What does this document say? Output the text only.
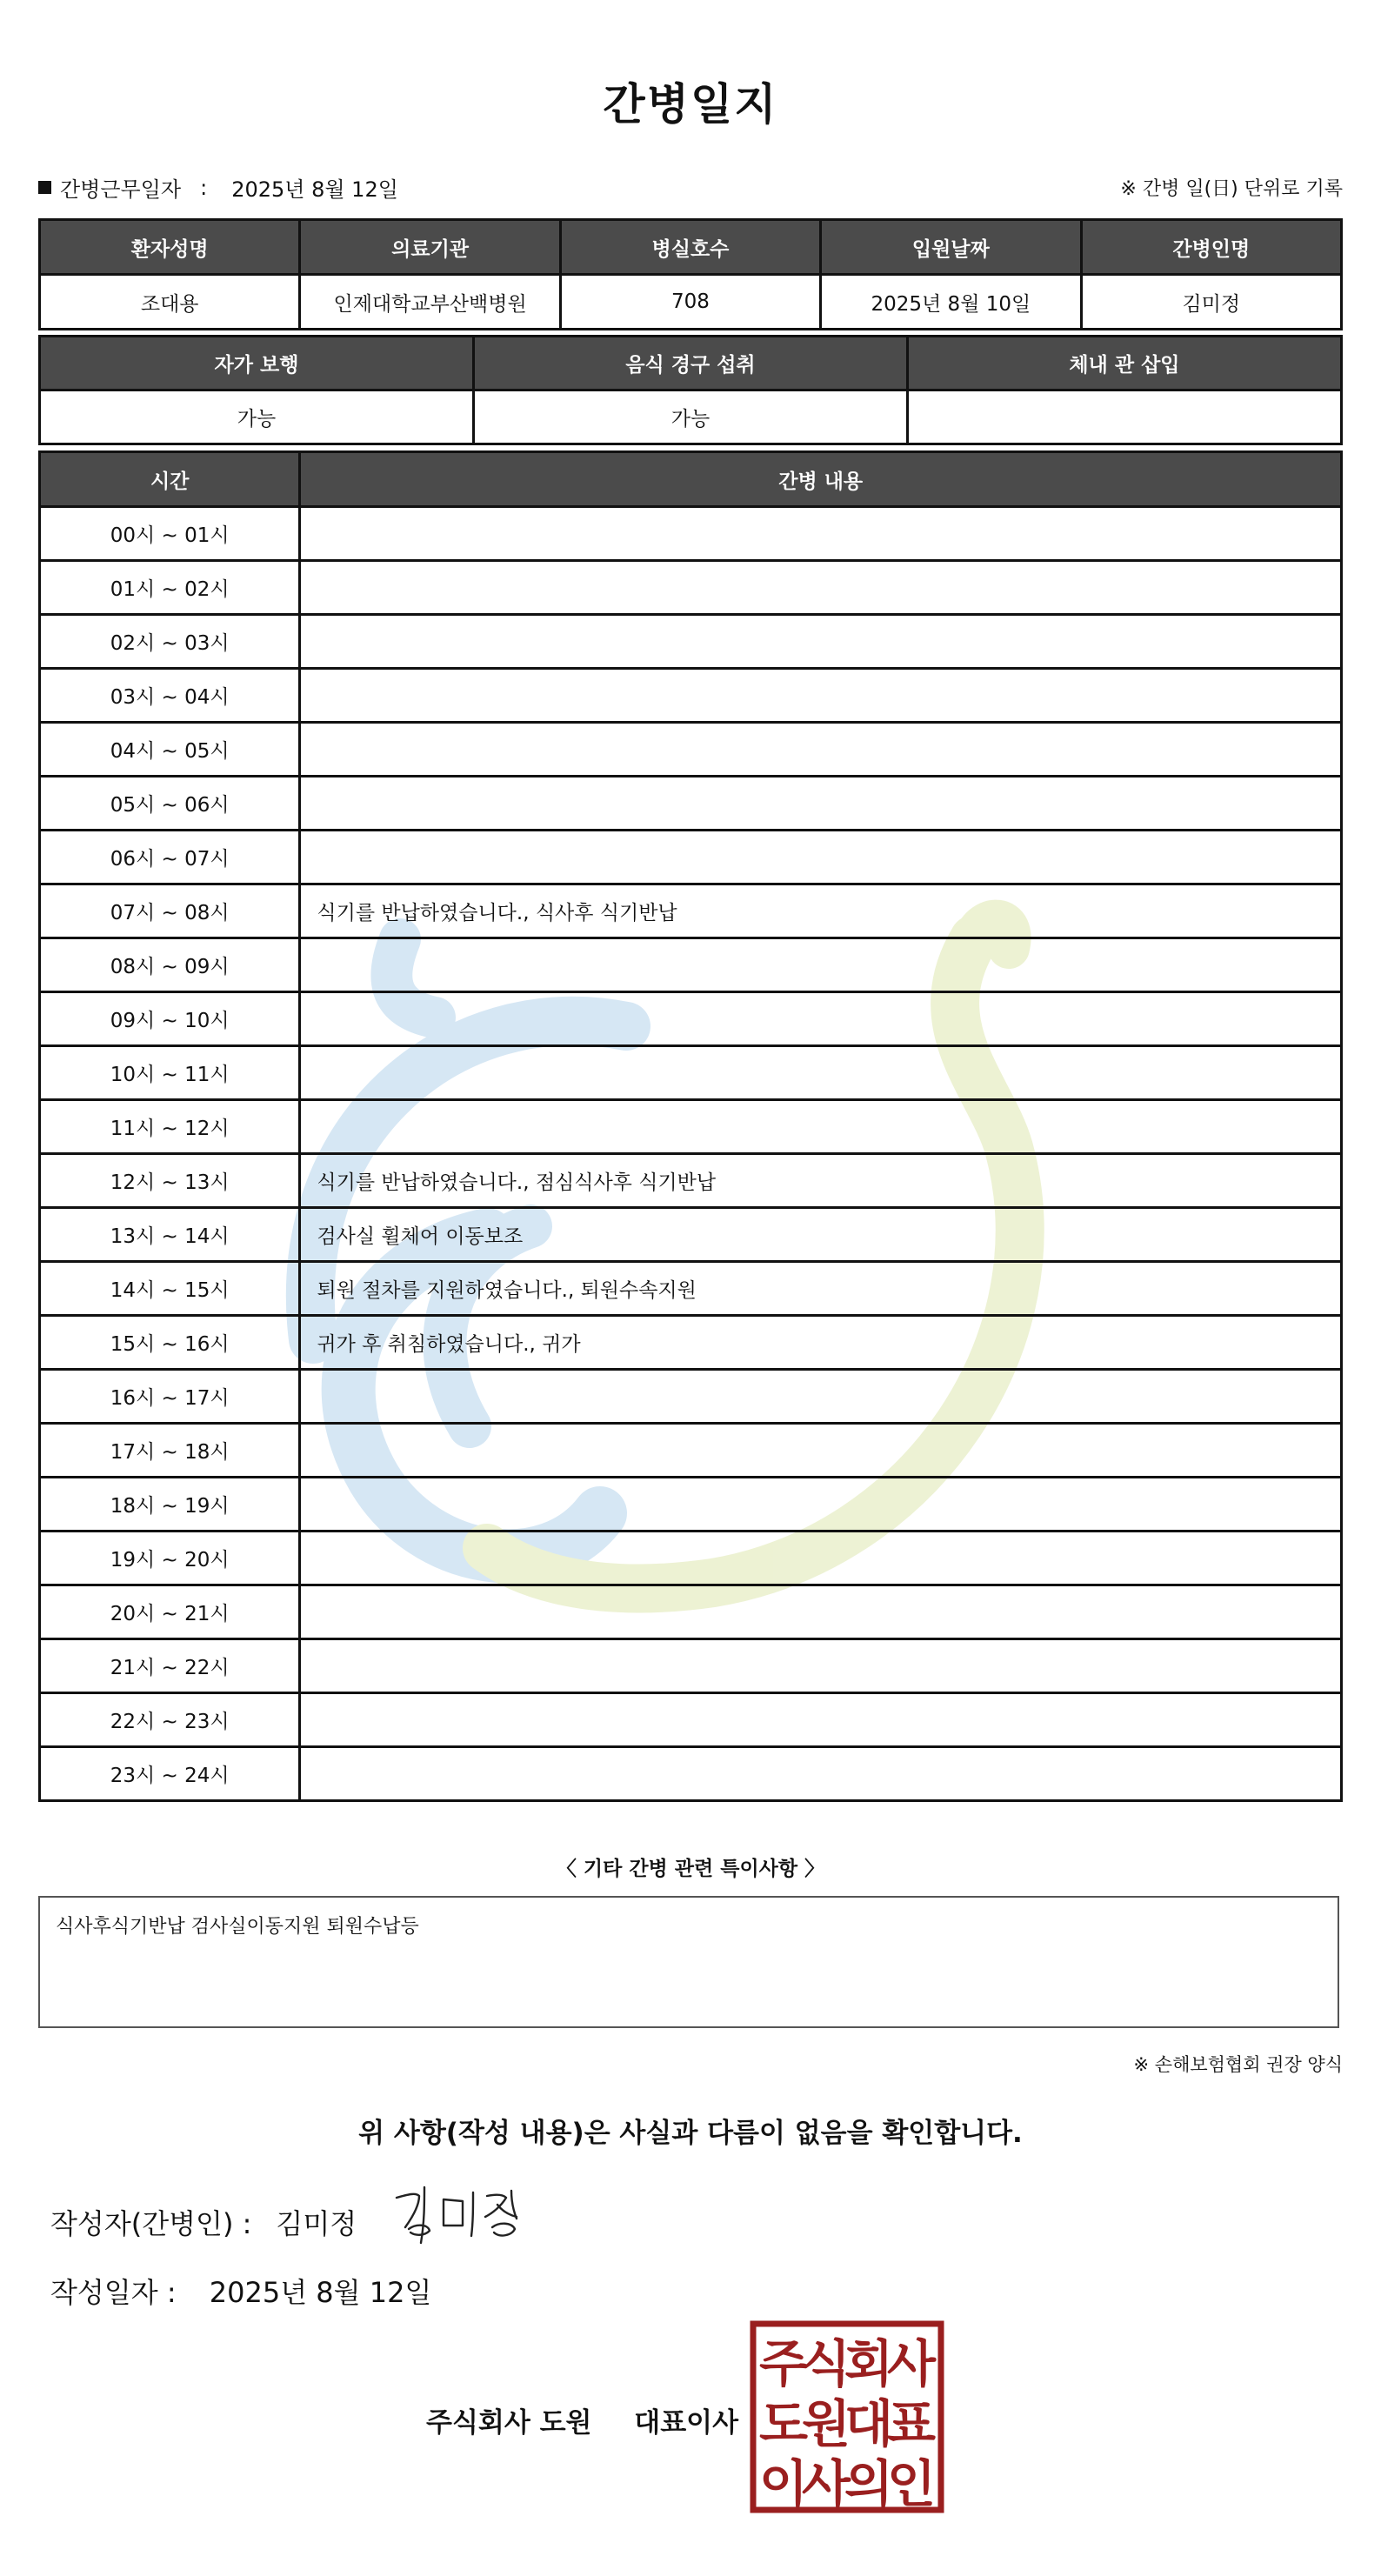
간병일지
간병근무일자 : 2025년 8월 12일	※ 간병 일(日) 단위로 기록
환자성명	의료기관	병실호수	입원날짜	간병인명
조대용	인제대학교부산백병원	708	2025년 8월 10일	김미정
자가 보행	음식 경구 섭취	체내 관 삽입
가능	가능	
시간	간병 내용
00시 ~ 01시	
01시 ~ 02시	
02시 ~ 03시	
03시 ~ 04시	
04시 ~ 05시	
05시 ~ 06시	
06시 ~ 07시	
07시 ~ 08시	식기를 반납하였습니다., 식사후 식기반납
08시 ~ 09시	
09시 ~ 10시	
10시 ~ 11시	
11시 ~ 12시	
12시 ~ 13시	식기를 반납하였습니다., 점심식사후 식기반납
13시 ~ 14시	검사실 휠체어 이동보조
14시 ~ 15시	퇴원 절차를 지원하였습니다., 퇴원수속지원
15시 ~ 16시	귀가 후 취침하였습니다., 귀가
16시 ~ 17시	
17시 ~ 18시	
18시 ~ 19시	
19시 ~ 20시	
20시 ~ 21시	
21시 ~ 22시	
22시 ~ 23시	
23시 ~ 24시	
〈 기타 간병 관련 특이사항 〉
식사후식기반납 검사실이동지원 퇴원수납등
※ 손해보험협회 권장 양식
위 사항(작성 내용)은 사실과 다름이 없음을 확인합니다.
작성자(간병인) : 김미정
작성일자 : 2025년 8월 12일
주식회사 도원 대표이사
주
식
회
사
도
원
대
표
이
사
의
인
